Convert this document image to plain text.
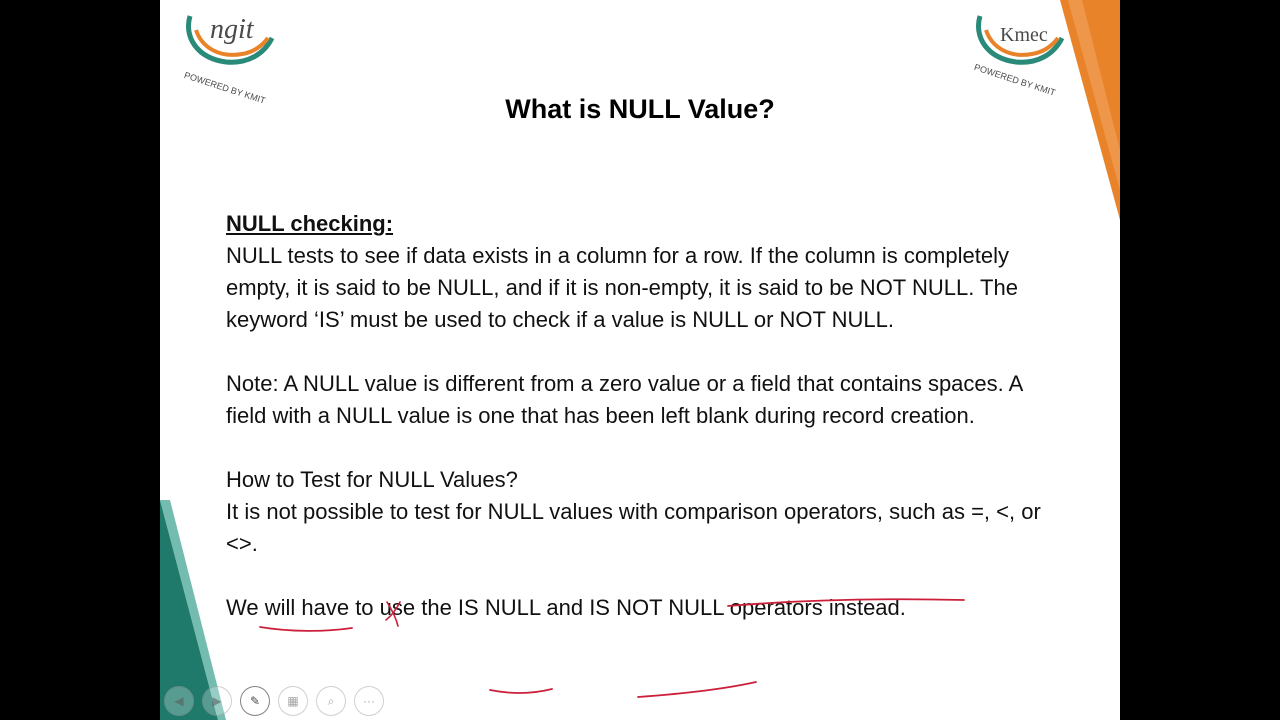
ngit
POWERED BY KMIT
Kmec
POWERED BY KMIT
What is NULL Value?

NULL checking:

NULL tests to see if data exists in a column for a row. If the column is completely empty, it is said to be NULL, and if it is non-empty, it is said to be NOT NULL. The keyword ‘IS’ must be used to check if a value is NULL or NOT NULL.

Note: A NULL value is different from a zero value or a field that contains spaces. A field with a NULL value is one that has been left blank during record creation.

How to Test for NULL Values?

It is not possible to test for NULL values with comparison operators, such as =, <, or <>.

We will have to use the IS NULL and IS NOT NULL operators instead.

◀ ▶ ✎ ▦ ⌕ ···
